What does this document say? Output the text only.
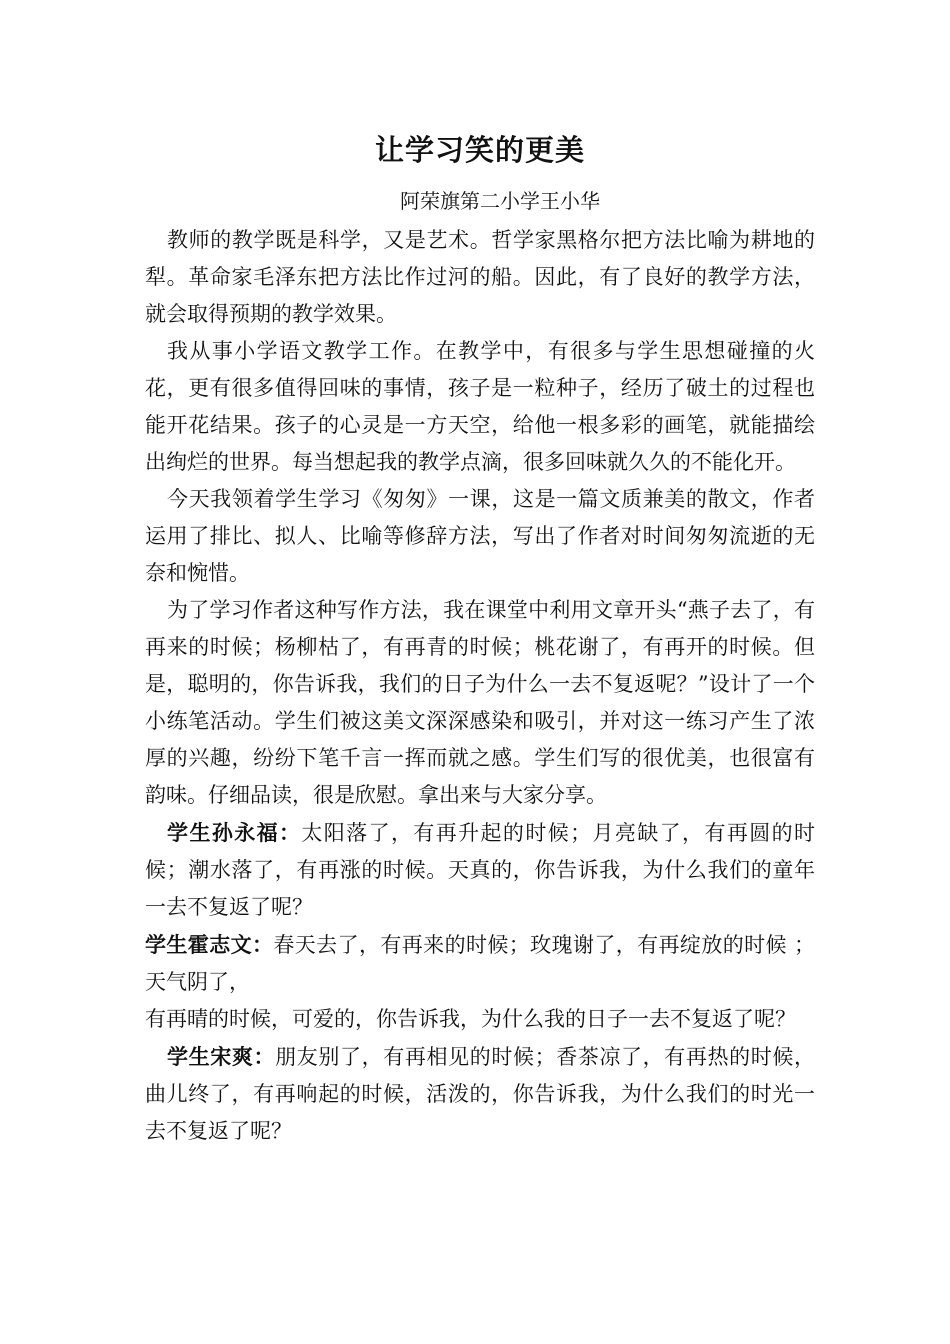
让学习笑的更美
阿荣旗第二小学王小华

教师的教学既是科学，又是艺术。哲学家黑格尔把方法比喻为耕地的犁。革命家毛泽东把方法比作过河的船。因此，有了良好的教学方法，就会取得预期的教学效果。

我从事小学语文教学工作。在教学中，有很多与学生思想碰撞的火花，更有很多值得回味的事情，孩子是一粒种子，经历了破土的过程也能开花结果。孩子的心灵是一方天空，给他一根多彩的画笔，就能描绘出绚烂的世界。每当想起我的教学点滴，很多回味就久久的不能化开。

今天我领着学生学习《匆匆》一课，这是一篇文质兼美的散文，作者运用了排比、拟人、比喻等修辞方法，写出了作者对时间匆匆流逝的无奈和惋惜。

为了学习作者这种写作方法，我在课堂中利用文章开头“燕子去了，有再来的时候；杨柳枯了，有再青的时候；桃花谢了，有再开的时候。但是，聪明的，你告诉我，我们的日子为什么一去不复返呢？”设计了一个小练笔活动。学生们被这美文深深感染和吸引，并对这一练习产生了浓厚的兴趣，纷纷下笔千言一挥而就之感。学生们写的很优美，也很富有韵味。仔细品读，很是欣慰。拿出来与大家分享。

学生孙永福：太阳落了，有再升起的时候；月亮缺了，有再圆的时候；潮水落了，有再涨的时候。天真的，你告诉我，为什么我们的童年一去不复返了呢？

学生霍志文：春天去了，有再来的时候；玫瑰谢了，有再绽放的时候 ；天气阴了，

有再晴的时候，可爱的，你告诉我，为什么我的日子一去不复返了呢？

学生宋爽：朋友别了，有再相见的时候；香茶凉了，有再热的时候，曲儿终了，有再响起的时候，活泼的，你告诉我，为什么我们的时光一去不复返了呢？
